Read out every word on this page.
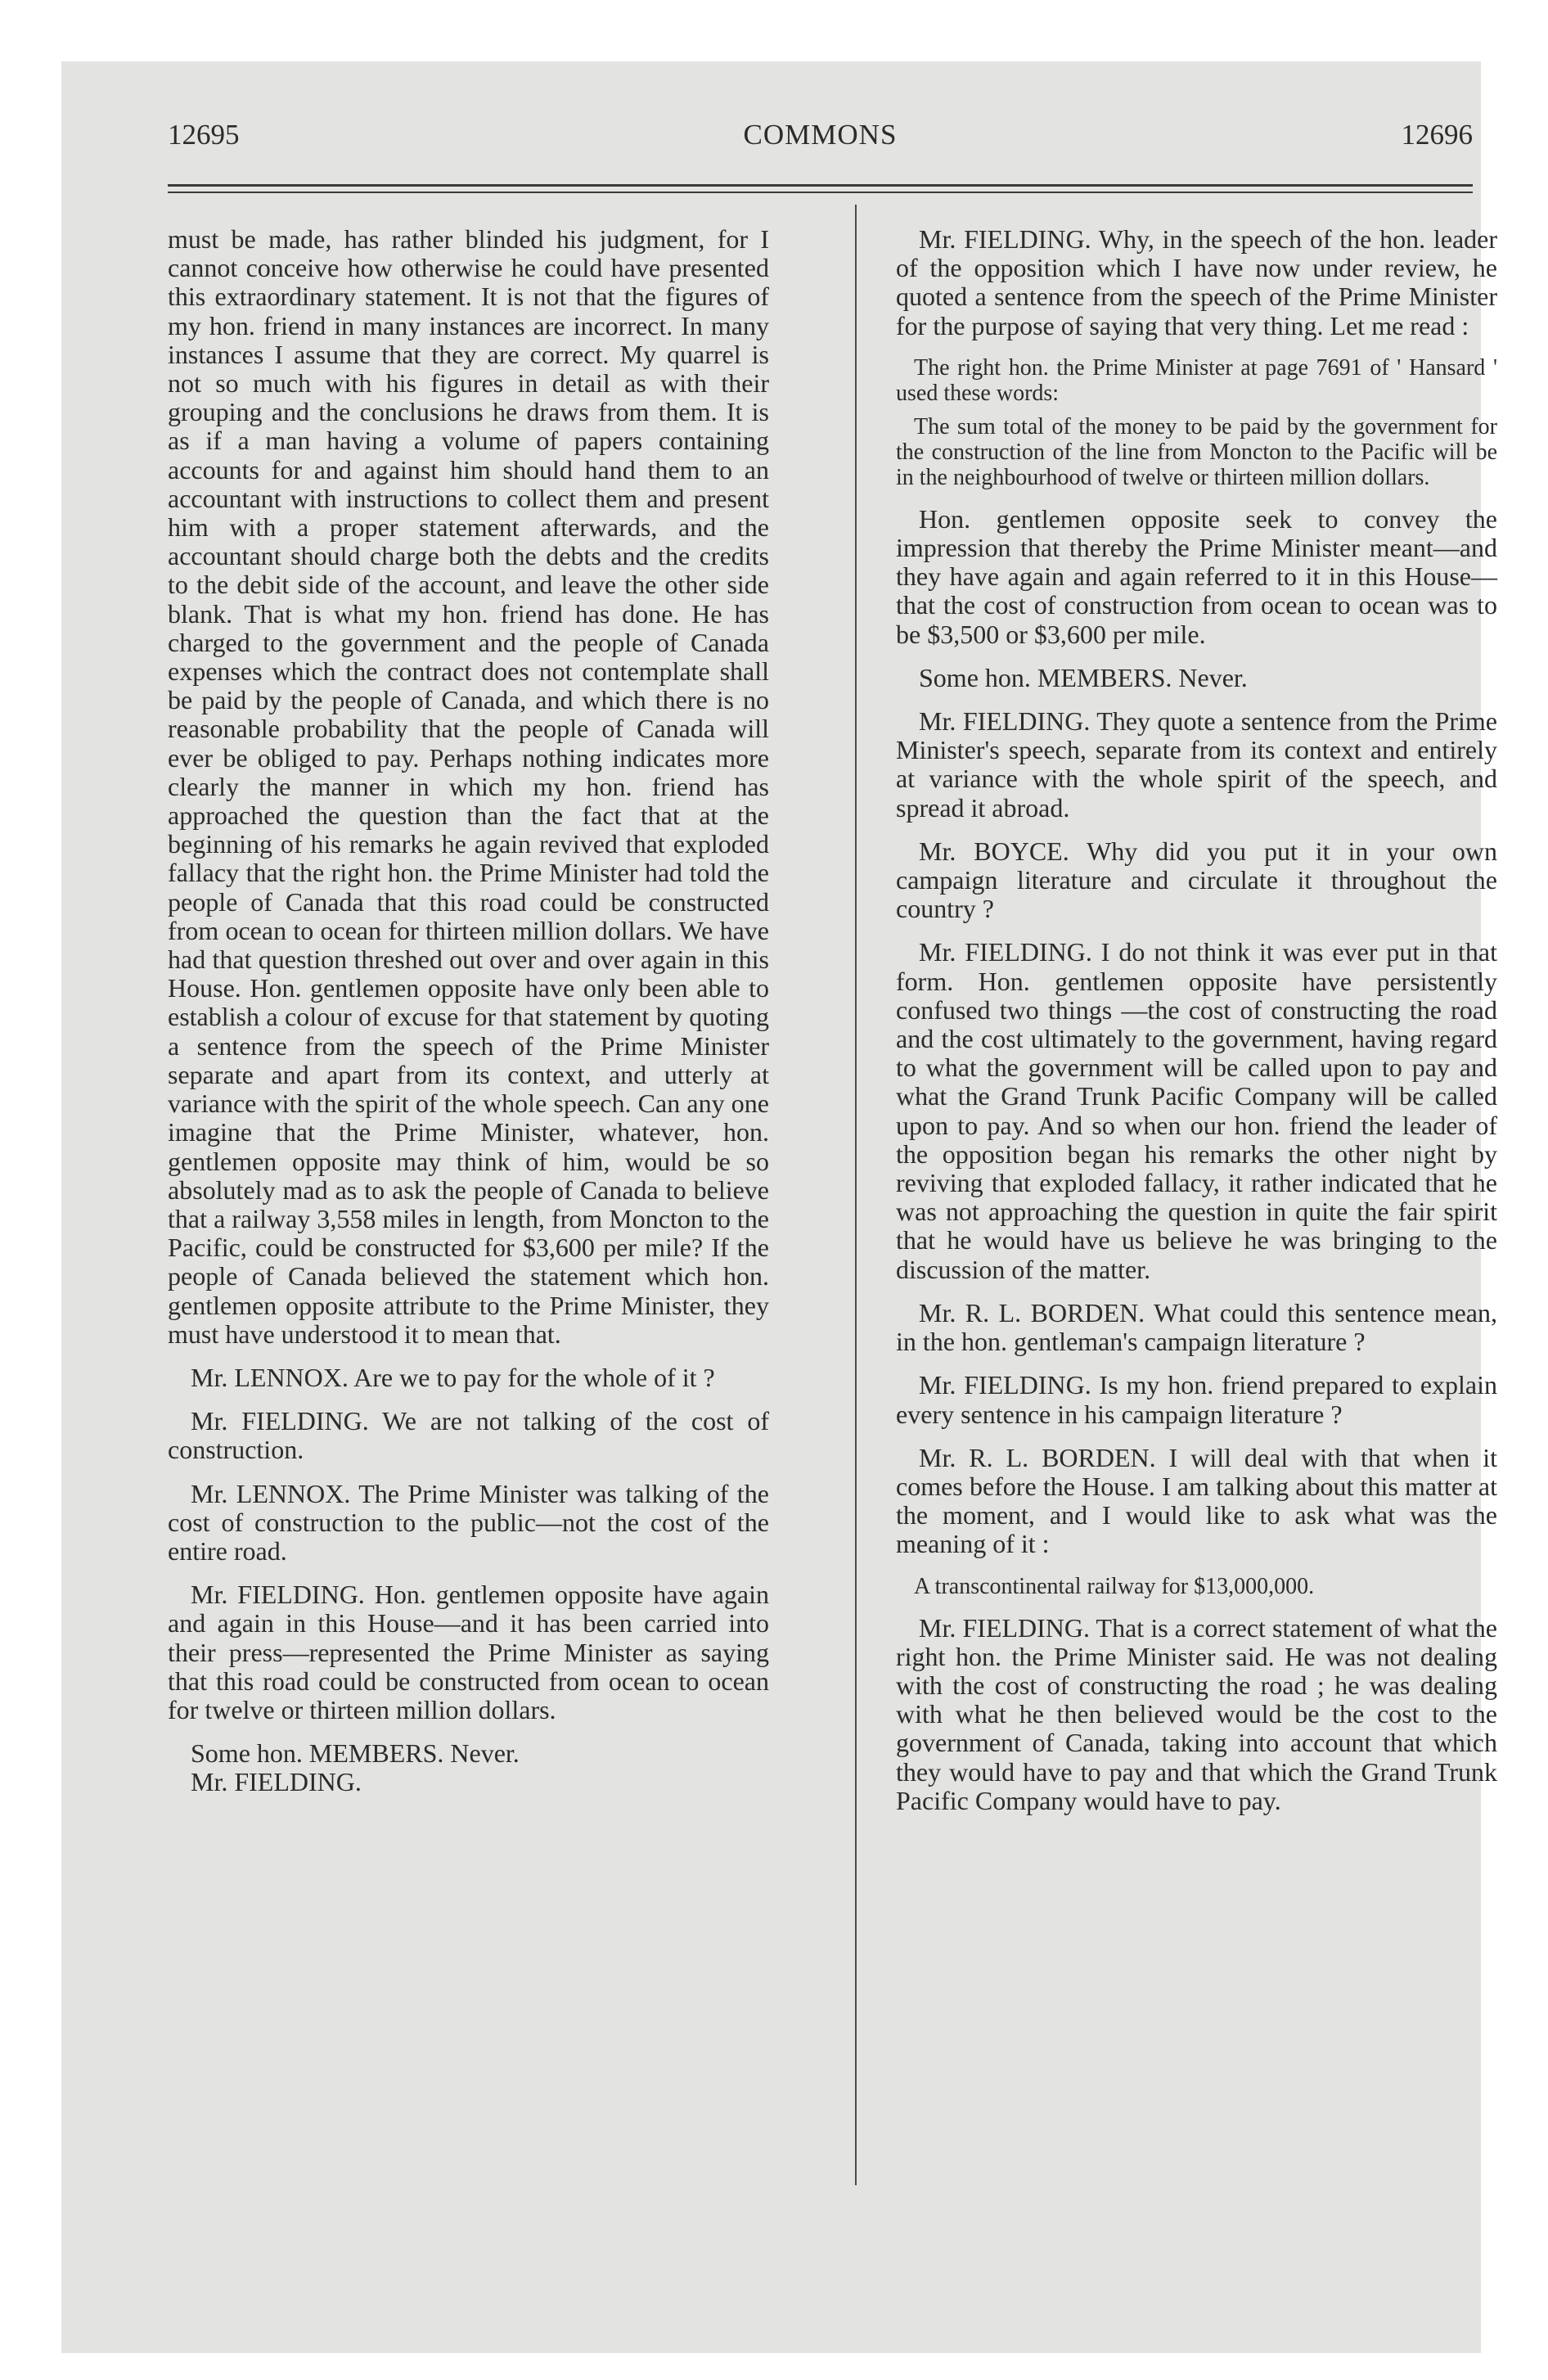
12695	COMMONS	12696

must be made, has rather blinded his judgment, for I cannot conceive how otherwise he could have presented this extraordinary statement. It is not that the figures of my hon. friend in many instances are incorrect. In many instances I assume that they are correct. My quarrel is not so much with his figures in detail as with their grouping and the conclusions he draws from them. It is as if a man having a volume of papers containing accounts for and against him should hand them to an accountant with instructions to collect them and present him with a proper statement afterwards, and the accountant should charge both the debts and the credits to the debit side of the account, and leave the other side blank. That is what my hon. friend has done. He has charged to the government and the people of Canada expenses which the contract does not contemplate shall be paid by the people of Canada, and which there is no reasonable probability that the people of Canada will ever be obliged to pay. Perhaps nothing indicates more clearly the manner in which my hon. friend has approached the question than the fact that at the beginning of his remarks he again revived that exploded fallacy that the right hon. the Prime Minister had told the people of Canada that this road could be constructed from ocean to ocean for thirteen million dollars. We have had that question threshed out over and over again in this House. Hon. gentlemen opposite have only been able to establish a colour of excuse for that statement by quoting a sentence from the speech of the Prime Minister separate and apart from its context, and utterly at variance with the spirit of the whole speech. Can any one imagine that the Prime Minister, whatever, hon. gentlemen opposite may think of him, would be so absolutely mad as to ask the people of Canada to believe that a railway 3,558 miles in length, from Moncton to the Pacific, could be constructed for $3,600 per mile? If the people of Canada believed the statement which hon. gentlemen opposite attribute to the Prime Minister, they must have understood it to mean that.

Mr. LENNOX. Are we to pay for the whole of it ?

Mr. FIELDING. We are not talking of the cost of construction.

Mr. LENNOX. The Prime Minister was talking of the cost of construction to the public—not the cost of the entire road.

Mr. FIELDING. Hon. gentlemen opposite have again and again in this House—and it has been carried into their press—represented the Prime Minister as saying that this road could be constructed from ocean to ocean for twelve or thirteen million dollars.

Some hon. MEMBERS. Never.

Mr. FIELDING.

Mr. FIELDING. Why, in the speech of the hon. leader of the opposition which I have now under review, he quoted a sentence from the speech of the Prime Minister for the purpose of saying that very thing. Let me read :

The right hon. the Prime Minister at page 7691 of ' Hansard ' used these words:

The sum total of the money to be paid by the government for the construction of the line from Moncton to the Pacific will be in the neighbourhood of twelve or thirteen million dollars.

Hon. gentlemen opposite seek to convey the impression that thereby the Prime Minister meant—and they have again and again referred to it in this House—that the cost of construction from ocean to ocean was to be $3,500 or $3,600 per mile.

Some hon. MEMBERS. Never.

Mr. FIELDING. They quote a sentence from the Prime Minister's speech, separate from its context and entirely at variance with the whole spirit of the speech, and spread it abroad.

Mr. BOYCE. Why did you put it in your own campaign literature and circulate it throughout the country ?

Mr. FIELDING. I do not think it was ever put in that form. Hon. gentlemen opposite have persistently confused two things —the cost of constructing the road and the cost ultimately to the government, having regard to what the government will be called upon to pay and what the Grand Trunk Pacific Company will be called upon to pay. And so when our hon. friend the leader of the opposition began his remarks the other night by reviving that exploded fallacy, it rather indicated that he was not approaching the question in quite the fair spirit that he would have us believe he was bringing to the discussion of the matter.

Mr. R. L. BORDEN. What could this sentence mean, in the hon. gentleman's campaign literature ?

Mr. FIELDING. Is my hon. friend prepared to explain every sentence in his campaign literature ?

Mr. R. L. BORDEN. I will deal with that when it comes before the House. I am talking about this matter at the moment, and I would like to ask what was the meaning of it :

A transcontinental railway for $13,000,000.

Mr. FIELDING. That is a correct statement of what the right hon. the Prime Minister said. He was not dealing with the cost of constructing the road ; he was dealing with what he then believed would be the cost to the government of Canada, taking into account that which they would have to pay and that which the Grand Trunk Pacific Company would have to pay.
